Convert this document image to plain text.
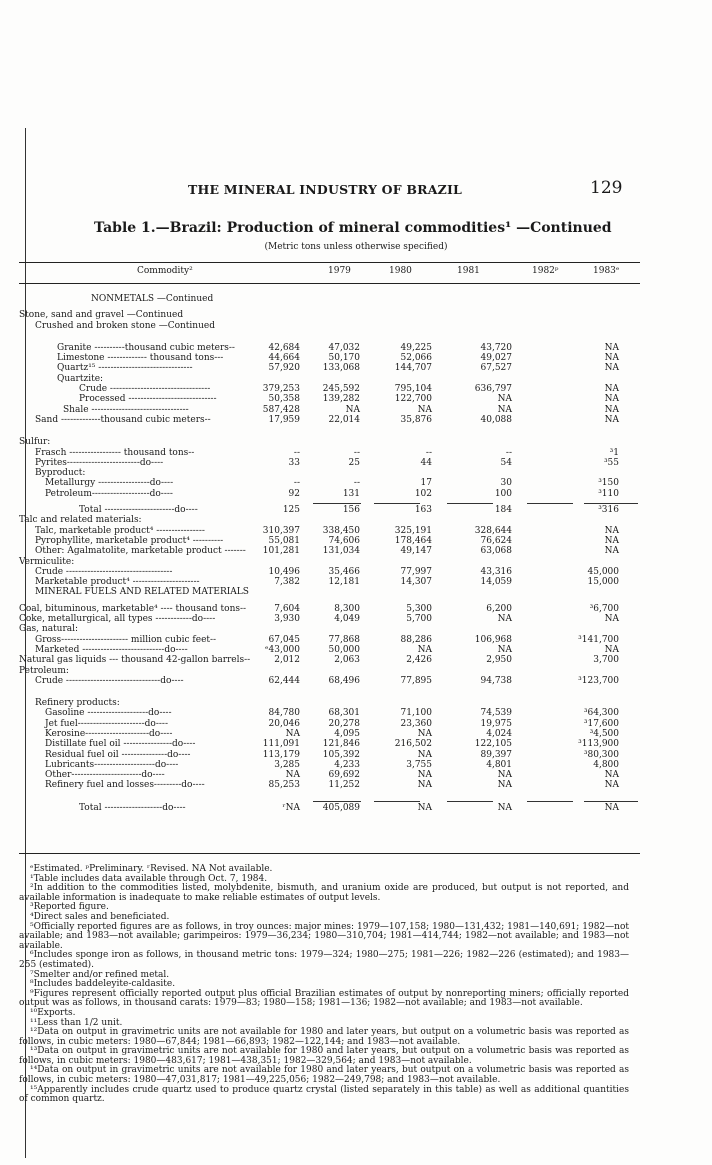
THE MINERAL INDUSTRY OF BRAZIL	129
Table 1.—Brazil: Production of mineral commodities¹ —Continued
(Metric tons unless otherwise specified)
Commodity²	1979	1980	1981	1982ᵖ	1983ᵉ
NONMETALS —Continued
Stone, sand and gravel —Continued
Crushed and broken stone —Continued
Granite ----------thousand cubic meters--	42,684	47,032	49,225	43,720	NA
Limestone ------------- thousand tons---	44,664	50,170	52,066	49,027	NA
Quartz¹⁵ -------------------------------	57,920	133,068	144,707	67,527	NA
Quartzite:
Crude ---------------------------------	379,253	245,592	795,104	636,797	NA
Processed -----------------------------	50,358	139,282	122,700	NA	NA
Shale --------------------------------	587,428	NA	NA	NA	NA
Sand -------------thousand cubic meters--	17,959	22,014	35,876	40,088	NA
Sulfur:
Frasch ----------------- thousand tons--	--	--	--	--	³1
Pyrites------------------------do----	33	25	44	54	³55
Byproduct:
Metallurgy -----------------do----	--	--	17	30	³150
Petroleum-------------------do----	92	131	102	100	³110
Total -----------------------do----	125	156	163	184	³316
Talc and related materials:
Talc, marketable product⁴ ----------------	310,397	338,450	325,191	328,644	NA
Pyrophyllite, marketable product⁴ ----------	55,081	74,606	178,464	76,624	NA
Other: Agalmatolite, marketable product ------- 101,281	131,034	49,147	63,068	NA
Vermiculite:
Crude -----------------------------------	10,496	35,466	77,997	43,316	45,000
Marketable product⁴ ----------------------	7,382	12,181	14,307	14,059	15,000
MINERAL FUELS AND RELATED MATERIALS
Coal, bituminous, marketable⁴ ---- thousand tons--	7,604	8,300	5,300	6,200	³6,700
Coke, metallurgical, all types ------------do----	3,930	4,049	5,700	NA	NA
Gas, natural:
Gross---------------------- million cubic feet--	67,045	77,868	88,286	106,968	³141,700
Marketed ---------------------------do----	ᵉ43,000	50,000	NA	NA	NA
Natural gas liquids --- thousand 42-gallon barrels--	2,012	2,063	2,426	2,950	3,700
Petroleum:
Crude -------------------------------do----	62,444	68,496	77,895	94,738	³123,700
Refinery products:
Gasoline --------------------do----	84,780	68,301	71,100	74,539	³64,300
Jet fuel----------------------do----	20,046	20,278	23,360	19,975	³17,600
Kerosine---------------------do----	NA	4,095	NA	4,024	³4,500
Distillate fuel oil ----------------do----	111,091	121,846	216,502	122,105	³113,900
Residual fuel oil ---------------do----	113,179	105,392	NA	89,397	³80,300
Lubricants--------------------do----	3,285	4,233	3,755	4,801	4,800
Other-----------------------do----	NA	69,692	NA	NA	NA
Refinery fuel and losses---------do----	85,253	11,252	NA	NA	NA
Total -------------------do----	ʳNA	405,089	NA	NA	NA

ᵉEstimated. ᵖPreliminary. ʳRevised. NA Not available.

¹Table includes data available through Oct. 7, 1984.

²In addition to the commodities listed, molybdenite, bismuth, and uranium oxide are produced, but output is not reported, and available information is inadequate to make reliable estimates of output levels.

³Reported figure.

⁴Direct sales and beneficiated.

⁵Officially reported figures are as follows, in troy ounces: major mines: 1979—107,158; 1980—131,432; 1981—140,691; 1982—not available; and 1983—not available; garimpeiros: 1979—36,234; 1980—310,704; 1981—414,744; 1982—not available; and 1983—not available.

⁶Includes sponge iron as follows, in thousand metric tons: 1979—324; 1980—275; 1981—226; 1982—226 (estimated); and 1983—255 (estimated).

⁷Smelter and/or refined metal.

⁸Includes baddeleyite-caldasite.

⁹Figures represent officially reported output plus official Brazilian estimates of output by nonreporting miners; officially reported output was as follows, in thousand carats: 1979—83; 1980—158; 1981—136; 1982—not available; and 1983—not available.

¹⁰Exports.

¹¹Less than 1/2 unit.

¹²Data on output in gravimetric units are not available for 1980 and later years, but output on a volumetric basis was reported as follows, in cubic meters: 1980—67,844; 1981—66,893; 1982—122,144; and 1983—not available.

¹³Data on output in gravimetric units are not available for 1980 and later years, but output on a volumetric basis was reported as follows, in cubic meters: 1980—483,617; 1981—438,351; 1982—329,564; and 1983—not available.

¹⁴Data on output in gravimetric units are not available for 1980 and later years, but output on a volumetric basis was reported as follows, in cubic meters: 1980—47,031,817; 1981—49,225,056; 1982—249,798; and 1983—not available.

¹⁵Apparently includes crude quartz used to produce quartz crystal (listed separately in this table) as well as additional quantities of common quartz.
